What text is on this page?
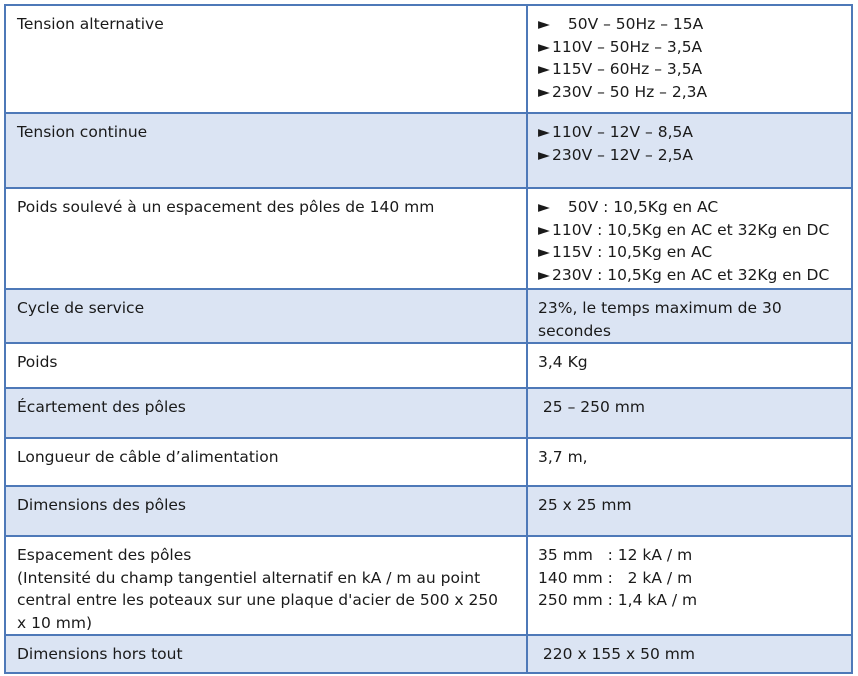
Tension alternative	►  50V – 50Hz – 15A
► 110V – 50Hz – 3,5A
► 115V – 60Hz – 3,5A
► 230V – 50 Hz – 2,3A

Tension continue	► 110V – 12V – 8,5A
► 230V – 12V – 2,5A

Poids soulevé à un espacement des pôles de 140 mm	►  50V : 10,5Kg en AC
► 110V : 10,5Kg en AC et 32Kg en DC
► 115V : 10,5Kg en AC
► 230V : 10,5Kg en AC et 32Kg en DC

Cycle de service	23%, le temps maximum de 30
secondes

Poids	3,4 Kg

Écartement des pôles	25 – 250 mm

Longueur de câble d’alimentation	3,7 m,

Dimensions des pôles	25 x 25 mm

Espacement des pôles
(Intensité du champ tangentiel alternatif en kA / m au point
central entre les poteaux sur une plaque d'acier de 500 x 250
x 10 mm)	35 mm   : 12 kA / m
140 mm :   2 kA / m
250 mm : 1,4 kA / m

Dimensions hors tout	220 x 155 x 50 mm
